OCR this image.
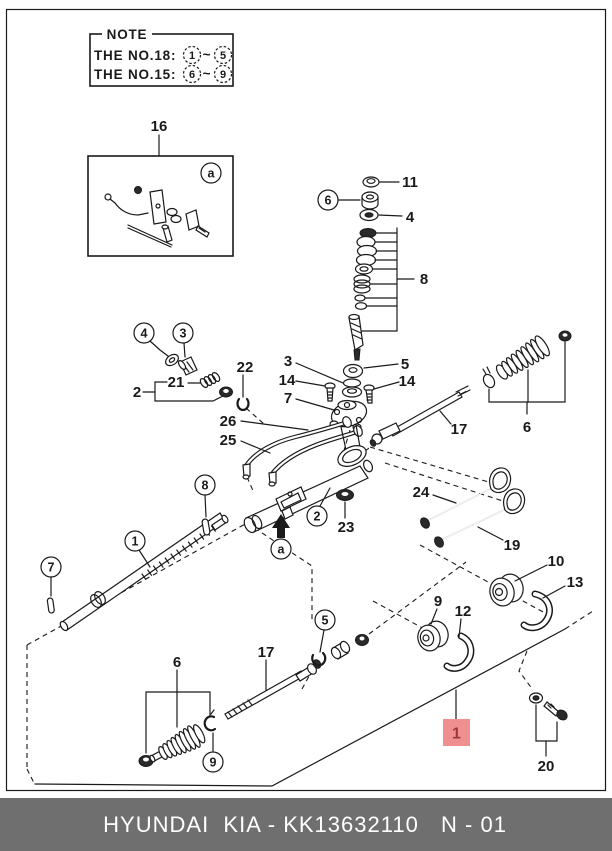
NOTE
THE NO.18: 1 ~ 5
THE NO.15: 6 ~ 9
16
a
11
6
4
8
5
3
14	14
7
4	3
21
2
22
26
25
2
a
23
17	6
24
19
10
13
9
12
1
8
7
17
5
6
9	20
1
HYUNDAI  KIA - KK13632110 N - 01
